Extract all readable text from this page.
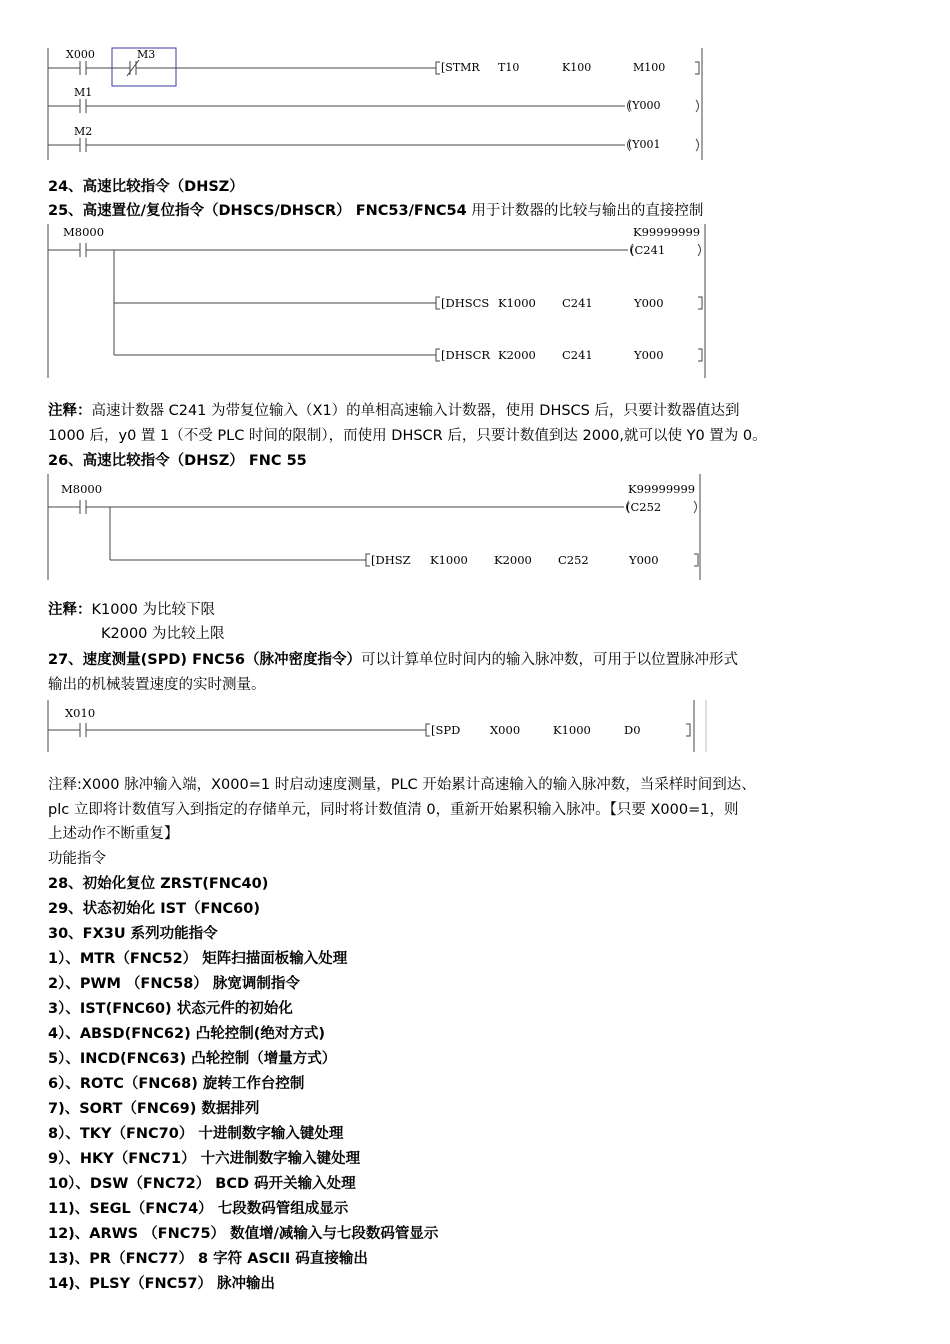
X000	M3
[STMR T10	K100	M100
M1
(Y000
M2
(Y001
24、高速比较指令（DHSZ）
25、高速置位/复位指令（DHSCS/DHSCR） FNC53/FNC54 用于计数器的比较与输出的直接控制
M8000	K99999999
(C241
[DHSCS K1000 C241	Y000
[DHSCR K2000 C241	Y000
注释：高速计数器 C241 为带复位输入（X1）的单相高速输入计数器，使用 DHSCS 后，只要计数器值达到
1000 后，y0 置 1（不受 PLC 时间的限制），而使用 DHSCR 后，只要计数值到达 2000,就可以使 Y0 置为 0。
26、高速比较指令（DHSZ） FNC 55
M8000	K99999999
(C252
[DHSZ K1000 K2000 C252	Y000
注释：K1000 为比较下限
K2000 为比较上限
27、速度测量(SPD) FNC56（脉冲密度指令）可以计算单位时间内的输入脉冲数，可用于以位置脉冲形式
输出的机械装置速度的实时测量。
X010
[SPD	X000	K1000	D0
注释:X000 脉冲输入端，X000=1 时启动速度测量，PLC 开始累计高速输入的输入脉冲数，当采样时间到达、
plc 立即将计数值写入到指定的存储单元，同时将计数值清 0，重新开始累积输入脉冲。【只要 X000=1，则
上述动作不断重复】
功能指令
28、初始化复位 ZRST(FNC40)
29、状态初始化 IST（FNC60)
30、FX3U 系列功能指令
1）、MTR（FNC52） 矩阵扫描面板输入处理
2）、PWM （FNC58） 脉宽调制指令
3）、IST(FNC60) 状态元件的初始化
4）、ABSD(FNC62) 凸轮控制(绝对方式)
5）、INCD(FNC63) 凸轮控制（增量方式）
6）、ROTC（FNC68) 旋转工作台控制
7)、SORT（FNC69) 数据排列
8）、TKY（FNC70） 十进制数字输入键处理
9）、HKY（FNC71） 十六进制数字输入键处理
10）、DSW（FNC72） BCD 码开关输入处理
11)、SEGL（FNC74） 七段数码管组成显示
12)、ARWS （FNC75） 数值增/减输入与七段数码管显示
13)、PR（FNC77） 8 字符 ASCII 码直接输出
14)、PLSY（FNC57） 脉冲输出
